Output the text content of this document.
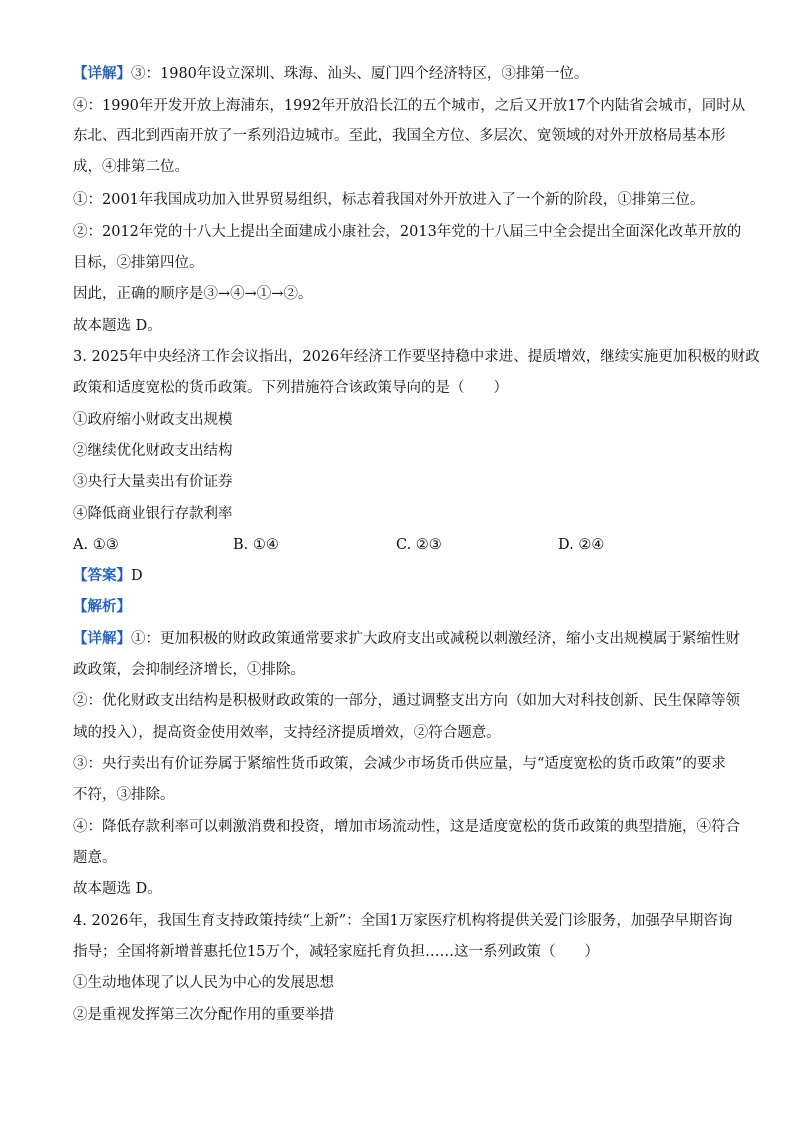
【详解】③：1980年设立深圳、珠海、汕头、厦门四个经济特区，③排第一位。
④：1990年开发开放上海浦东，1992年开放沿长江的五个城市，之后又开放17个内陆省会城市，同时从
东北、西北到西南开放了一系列沿边城市。至此，我国全方位、多层次、宽领域的对外开放格局基本形
成，④排第二位。
①：2001年我国成功加入世界贸易组织，标志着我国对外开放进入了一个新的阶段，①排第三位。
②：2012年党的十八大上提出全面建成小康社会，2013年党的十八届三中全会提出全面深化改革开放的
目标，②排第四位。
因此，正确的顺序是③→④→①→②。
故本题选 D。
3. 2025年中央经济工作会议指出，2026年经济工作要坚持稳中求进、提质增效，继续实施更加积极的财政
政策和适度宽松的货币政策。下列措施符合该政策导向的是（　　）
①政府缩小财政支出规模
②继续优化财政支出结构
③央行大量卖出有价证券
④降低商业银行存款利率
【答案】D
【解析】
【详解】①：更加积极的财政政策通常要求扩大政府支出或减税以刺激经济，缩小支出规模属于紧缩性财
政政策，会抑制经济增长，①排除。
②：优化财政支出结构是积极财政政策的一部分，通过调整支出方向（如加大对科技创新、民生保障等领
域的投入），提高资金使用效率，支持经济提质增效，②符合题意。
③：央行卖出有价证券属于紧缩性货币政策，会减少市场货币供应量，与“适度宽松的货币政策”的要求
不符，③排除。
④：降低存款利率可以刺激消费和投资，增加市场流动性，这是适度宽松的货币政策的典型措施，④符合
题意。
故本题选 D。
4. 2026年，我国生育支持政策持续“上新”：全国1万家医疗机构将提供关爱门诊服务，加强孕早期咨询
指导；全国将新增普惠托位15万个，减轻家庭托育负担……这一系列政策（　　）
①生动地体现了以人民为中心的发展思想
②是重视发挥第三次分配作用的重要举措
A. ①③	B. ①④	C. ②③	D. ②④
